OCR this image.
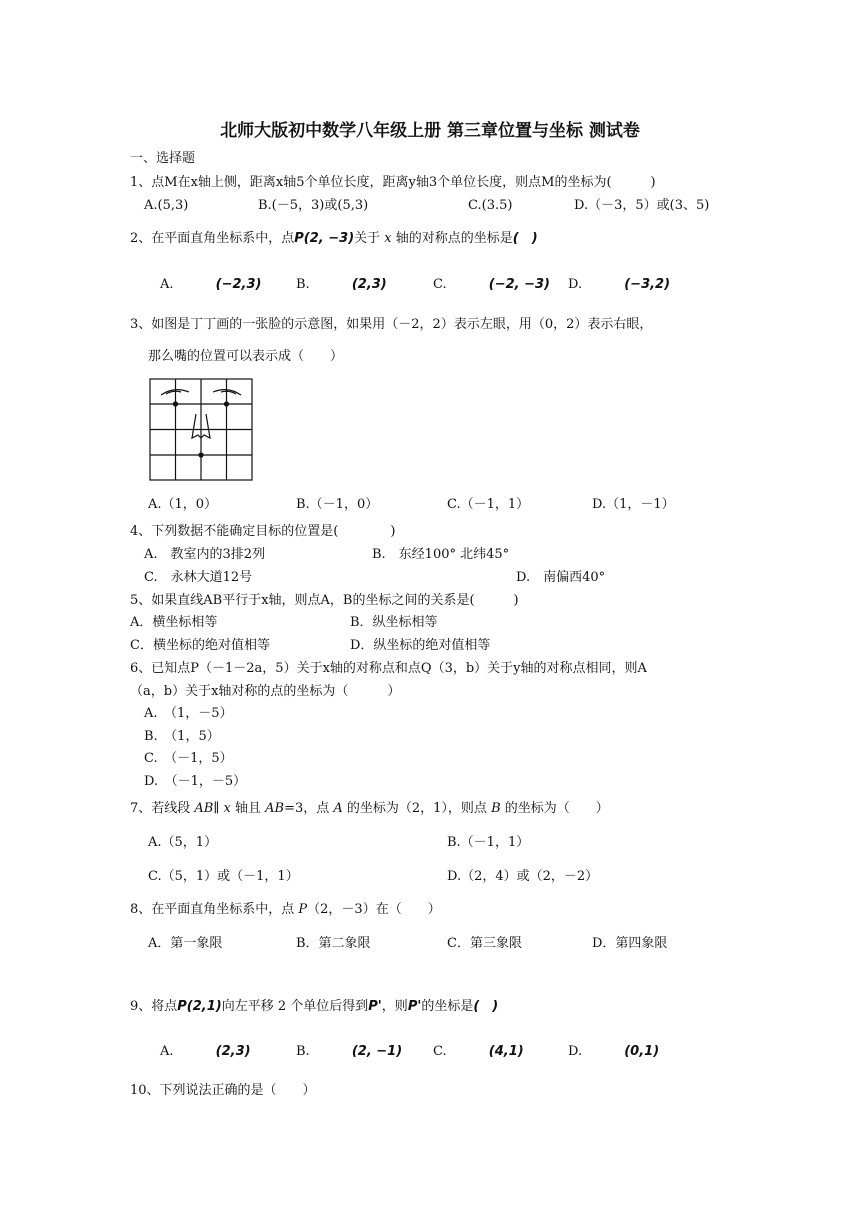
北师大版初中数学八年级上册 第三章位置与坐标 测试卷
一、选择题
1、点M在x轴上侧，距离x轴5个单位长度，距离y轴3个单位长度，则点M的坐标为(　　　)
A.(5,3)	B.(－5，3)或(5,3)	C.(3.5)	D.（－3，5）或(3、5)
2、在平面直角坐标系中，点P(2, −3)关于 x 轴的对称点的坐标是(　)
A.	(−2,3)	B.	(2,3)	C.	(−2, −3) D.	(−3,2)
3、如图是丁丁画的一张脸的示意图，如果用（－2，2）表示左眼，用（0，2）表示右眼，
那么嘴的位置可以表示成（　　）
A.（1，0）	B.（－1，0）	C.（－1，1）	D.（1，－1）
4、下列数据不能确定目标的位置是(　　　　)
A.　教室内的3排2列	B.　东经100° 北纬45°
C.　永林大道12号	D.　南偏西40°
5、如果直线AB平行于x轴，则点A，B的坐标之间的关系是(　　　)
A．横坐标相等	B．纵坐标相等
C．横坐标的绝对值相等	D．纵坐标的绝对值相等
6、已知点P（－1－2a，5）关于x轴的对称点和点Q（3，b）关于y轴的对称点相同，则A
（a，b）关于x轴对称的点的坐标为（　　　）
A.　（1，－5）
B.　（1，5）
C.　（－1，5）
D.　（－1，－5）
7、若线段 AB∥ x 轴且 AB=3，点 A 的坐标为（2，1），则点 B 的坐标为（　　）
A.（5，1）	B.（－1，1）
C.（5，1）或（－1，1）	D.（2，4）或（2，－2）
8、在平面直角坐标系中，点 P（2，－3）在（　　）
A．第一象限	B．第二象限	C．第三象限	D．第四象限
9、将点P(2,1)向左平移 2 个单位后得到P'，则P'的坐标是(　)
A.	(2,3)	B.	(2, −1) C.	(4,1)	D.	(0,1)
10、下列说法正确的是（　　）
